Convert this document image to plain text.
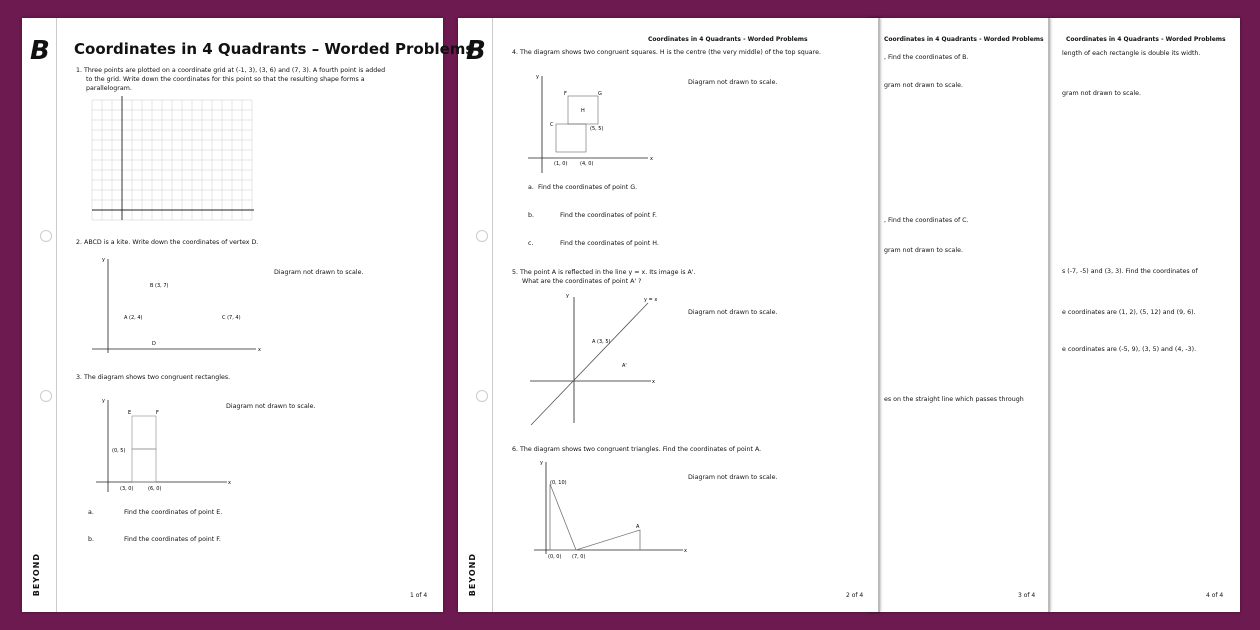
Coordinates in 4 Quadrants - Worded Problems
length of each rectangle is double its width.
gram not drawn to scale.
s (-7, -5) and (3, 3). Find the coordinates of
e coordinates are (1, 2), (5, 12) and (9, 6).
e coordinates are (-5, 9), (3, 5) and (4, -3).
4 of 4
Coordinates in 4 Quadrants - Worded Problems
, Find the coordinates of B.
gram not drawn to scale.
, Find the coordinates of C.
gram not drawn to scale.
es on the straight line which passes through
3 of 4
B
BEYOND
Coordinates in 4 Quadrants - Worded Problems
4. The diagram shows two congruent squares. H is the centre (the very middle) of the top square.
Diagram not drawn to scale.
y
x
F	G
H
C
(5, 5)
(1, 0)	(4, 0)
a. Find the coordinates of point G.
b.	Find the coordinates of point F.
c.	Find the coordinates of point H.
5. The point A is reflected in the line y = x. Its image is A'.
What are the coordinates of point A' ?
Diagram not drawn to scale.
y
x
y = x
A (3, 5)
A'
6. The diagram shows two congruent triangles. Find the coordinates of point A.
Diagram not drawn to scale.
y
x
(0, 10)
(0, 0) (7, 0)
A
2 of 4
B
BEYOND
Coordinates in 4 Quadrants – Worded Problems
1. Three points are plotted on a coordinate grid at (-1, 3), (3, 6) and (7, 3). A fourth point is added
to the grid. Write down the coordinates for this point so that the resulting shape forms a
parallelogram.
2. ABCD is a kite. Write down the coordinates of vertex D.
Diagram not drawn to scale.
y
x
B (3, 7)
A (2, 4)	C (7, 4)
D
3. The diagram shows two congruent rectangles.
Diagram not drawn to scale.
y
x
E	F
(0, 5)
(3, 0)	(6, 0)
a.	Find the coordinates of point E.
b.	Find the coordinates of point F.
1 of 4
